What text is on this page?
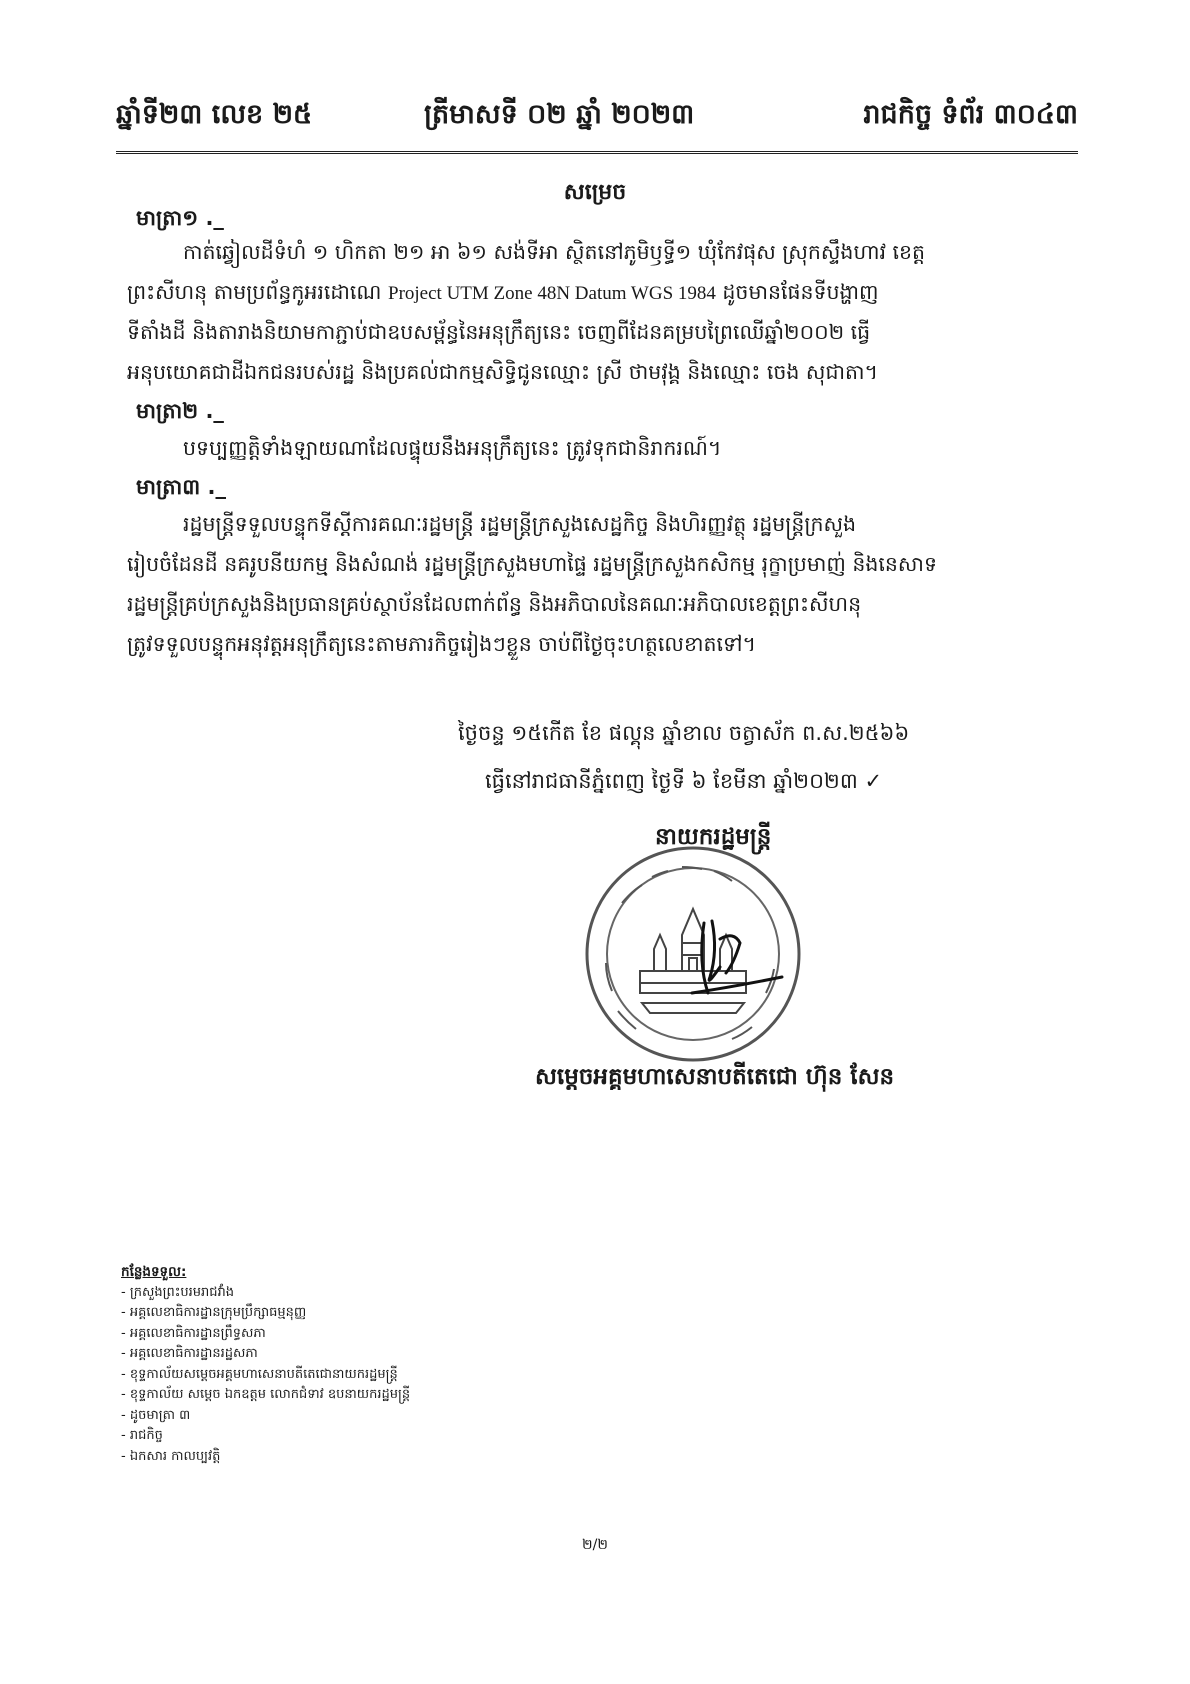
ឆ្នាំទី២៣ លេខ ២៥	ត្រីមាសទី ០២ ឆ្នាំ ២០២៣	រាជកិច្ច ទំព័រ ៣០៤៣
សម្រេច
មាត្រា១ ._
កាត់ឆ្វៀលដីទំហំ ១ ហិកតា ២១ អា ៦១ សង់ទីអា ស្ថិតនៅភូមិឫទ្ធី១ ឃុំកែវផុស ស្រុកស្ទឹងហាវ ខេត្ត
ព្រះសីហនុ តាមប្រព័ន្ធកូអរដោណេ Project UTM Zone 48N Datum WGS 1984 ដូចមានផែនទីបង្ហាញ
ទីតាំងដី និងតារាងនិយាមកាភ្ជាប់ជាឧបសម្ព័ន្ធនៃអនុក្រឹត្យនេះ ចេញពីដែនគម្របព្រៃឈើឆ្នាំ២០០២ ធ្វើ
អនុបយោគជាដីឯកជនរបស់រដ្ឋ និងប្រគល់ជាកម្មសិទ្ធិជូនឈ្មោះ ស្រី ថាមវុង្គ និងឈ្មោះ ចេង សុជាតា។
មាត្រា២ ._
បទប្បញ្ញត្តិទាំងឡាយណាដែលផ្ទុយនឹងអនុក្រឹត្យនេះ ត្រូវទុកជានិរាករណ៍។
មាត្រា៣ ._
រដ្ឋមន្ត្រីទទួលបន្ទុកទីស្តីការគណៈរដ្ឋមន្ត្រី រដ្ឋមន្ត្រីក្រសួងសេដ្ឋកិច្ច និងហិរញ្ញវត្ថុ រដ្ឋមន្ត្រីក្រសួង
រៀបចំដែនដី នគរូបនីយកម្ម និងសំណង់ រដ្ឋមន្ត្រីក្រសួងមហាផ្ទៃ រដ្ឋមន្ត្រីក្រសួងកសិកម្ម រុក្ខាប្រមាញ់ និងនេសាទ
រដ្ឋមន្ត្រីគ្រប់ក្រសួងនិងប្រធានគ្រប់ស្ថាប័នដែលពាក់ព័ន្ធ និងអភិបាលនៃគណៈអភិបាលខេត្តព្រះសីហនុ
ត្រូវទទួលបន្ទុកអនុវត្តអនុក្រឹត្យនេះតាមភារកិច្ចរៀងៗខ្លួន ចាប់ពីថ្ងៃចុះហត្ថលេខាតទៅ។
ថ្ងៃចន្ទ ១៥កើត ខែ ផល្គុន ឆ្នាំខាល ចត្វាស័ក ព.ស.២៥៦៦
ធ្វើនៅរាជធានីភ្នំពេញ ថ្ងៃទី ៦ ខែមីនា ឆ្នាំ២០២៣ ✓
នាយករដ្ឋមន្ត្រី
សម្តេចអគ្គមហាសេនាបតីតេជោ ហ៊ុន សែន
កន្លែងទទួល:
- ក្រសួងព្រះបរមរាជវាំង
- អគ្គលេខាធិការដ្ឋានក្រុមប្រឹក្សាធម្មនុញ្ញ
- អគ្គលេខាធិការដ្ឋានព្រឹទ្ធសភា
- អគ្គលេខាធិការដ្ឋានរដ្ឋសភា
- ខុទ្ទកាល័យសម្តេចអគ្គមហាសេនាបតីតេជោនាយករដ្ឋមន្ត្រី
- ខុទ្ទកាល័យ សម្តេច ឯកឧត្តម លោកជំទាវ ឧបនាយករដ្ឋមន្ត្រី
- ដូចមាត្រា ៣
- រាជកិច្ច
- ឯកសារ កាលប្បវត្តិ
២/២
